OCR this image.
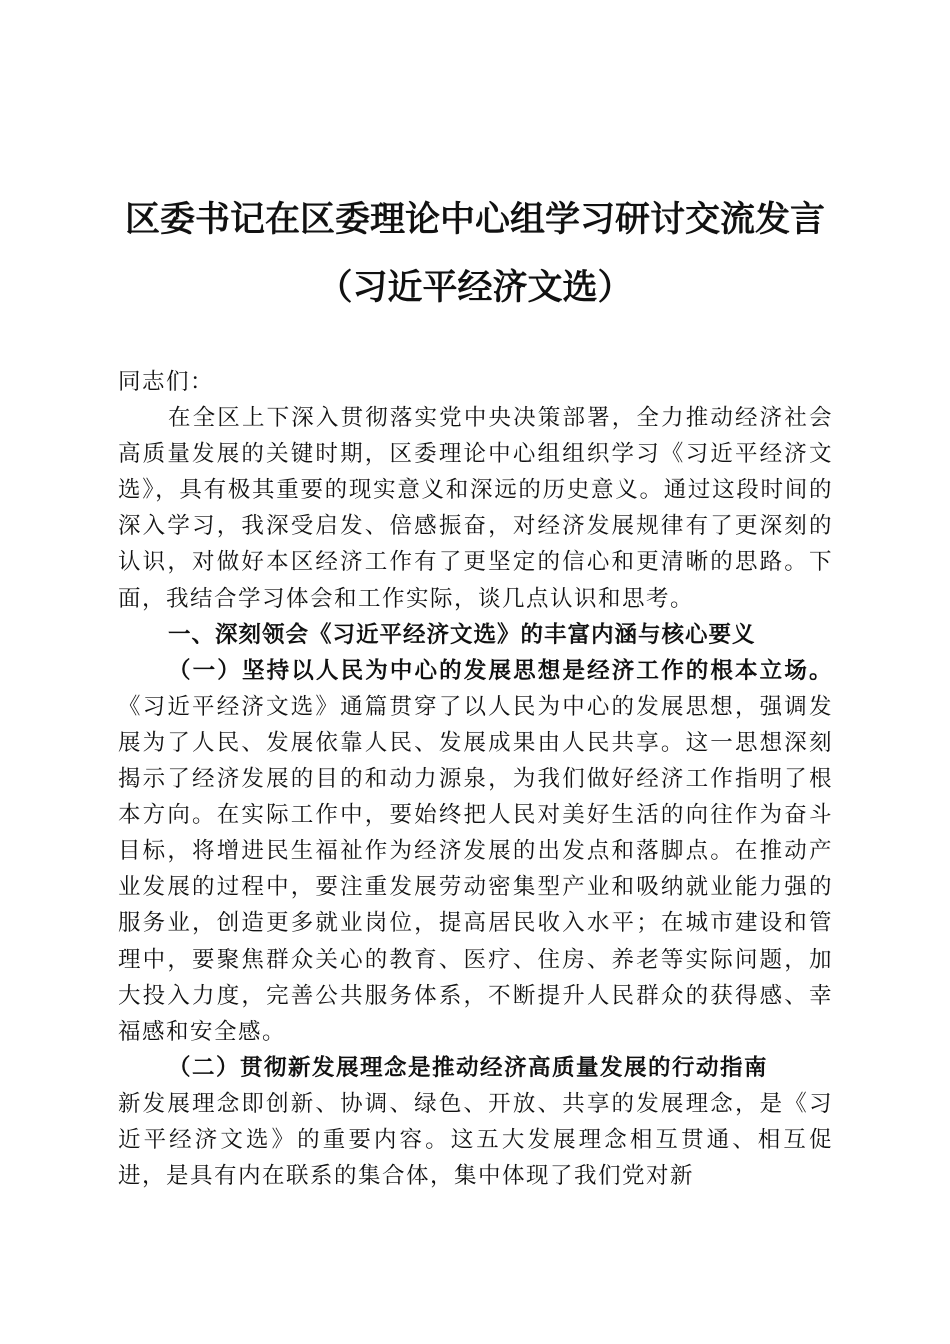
区委书记在区委理论中心组学习研讨交流发言
（习近平经济文选）

同志们：

在全区上下深入贯彻落实党中央决策部署，全力推动经济社会高质量发展的关键时期，区委理论中心组组织学习《习近平经济文选》，具有极其重要的现实意义和深远的历史意义。通过这段时间的深入学习，我深受启发、倍感振奋，对经济发展规律有了更深刻的认识，对做好本区经济工作有了更坚定的信心和更清晰的思路。下面，我结合学习体会和工作实际，谈几点认识和思考。

一、深刻领会《习近平经济文选》的丰富内涵与核心要义

（一）坚持以人民为中心的发展思想是经济工作的根本立场。《习近平经济文选》通篇贯穿了以人民为中心的发展思想，强调发展为了人民、发展依靠人民、发展成果由人民共享。这一思想深刻揭示了经济发展的目的和动力源泉，为我们做好经济工作指明了根本方向。在实际工作中，要始终把人民对美好生活的向往作为奋斗目标，将增进民生福祉作为经济发展的出发点和落脚点。在推动产业发展的过程中，要注重发展劳动密集型产业和吸纳就业能力强的服务业，创造更多就业岗位，提高居民收入水平；在城市建设和管理中，要聚焦群众关心的教育、医疗、住房、养老等实际问题，加大投入力度，完善公共服务体系，不断提升人民群众的获得感、幸福感和安全感。

（二）贯彻新发展理念是推动经济高质量发展的行动指南

新发展理念即创新、协调、绿色、开放、共享的发展理念，是《习近平经济文选》的重要内容。这五大发展理念相互贯通、相互促进，是具有内在联系的集合体，集中体现了我们党对新
